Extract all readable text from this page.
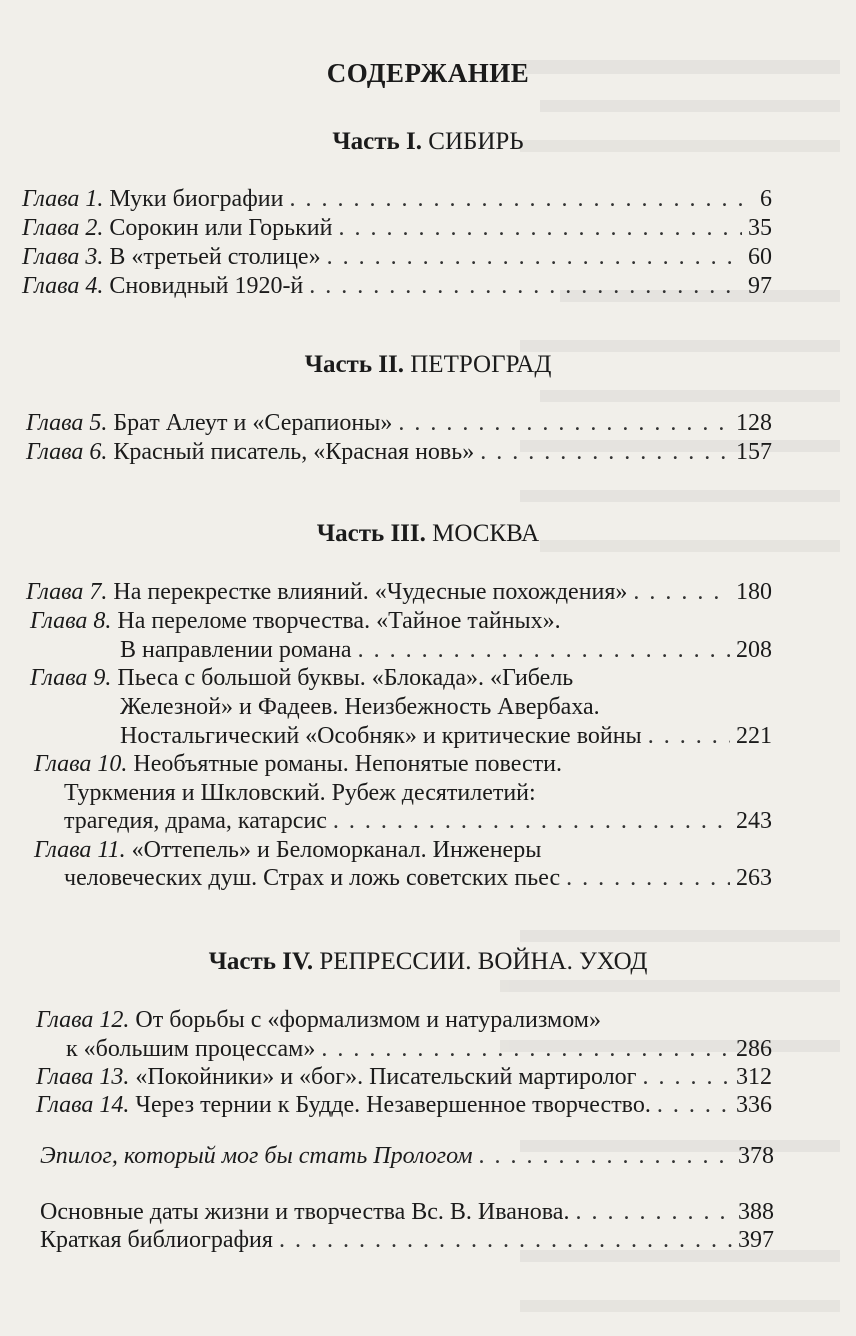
СОДЕРЖАНИЕ
Часть I. СИБИРЬ
Глава 1. Муки биографии . . .	6
Глава 2. Сорокин или Горький . . .	35
Глава 3. В «третьей столице» . . .	60
Глава 4. Сновидный 1920-й . . .	97
Часть II. ПЕТРОГРАД
Глава 5. Брат Алеут и «Серапионы» . . .	128
Глава 6. Красный писатель, «Красная новь» . . .	157
Часть III. МОСКВА
Глава 7. На перекрестке влияний. «Чудесные похождения» . . .	180
Глава 8. На переломе творчества. «Тайное тайных».
В направлении романа . . .	208
Глава 9. Пьеса с большой буквы. «Блокада». «Гибель
Железной» и Фадеев. Неизбежность Авербаха.
Ностальгический «Особняк» и критические войны . . .	221
Глава 10. Необъятные романы. Непонятые повести.
Туркмения и Шкловский. Рубеж десятилетий:
трагедия, драма, катарсис . . .	243
Глава 11. «Оттепель» и Беломорканал. Инженеры
человеческих душ. Страх и ложь советских пьес . . .	263
Часть IV. РЕПРЕССИИ. ВОЙНА. УХОД
Глава 12. От борьбы с «формализмом и натурализмом»
к «большим процессам» . . .	286
Глава 13. «Покойники» и «бог». Писательский мартиролог . . .	312
Глава 14. Через тернии к Будде. Незавершенное творчество. . . .	336
Эпилог, который мог бы стать Прологом . . .	378
Основные даты жизни и творчества Вс. В. Иванова. . . .	388
Краткая библиография . . .	397
